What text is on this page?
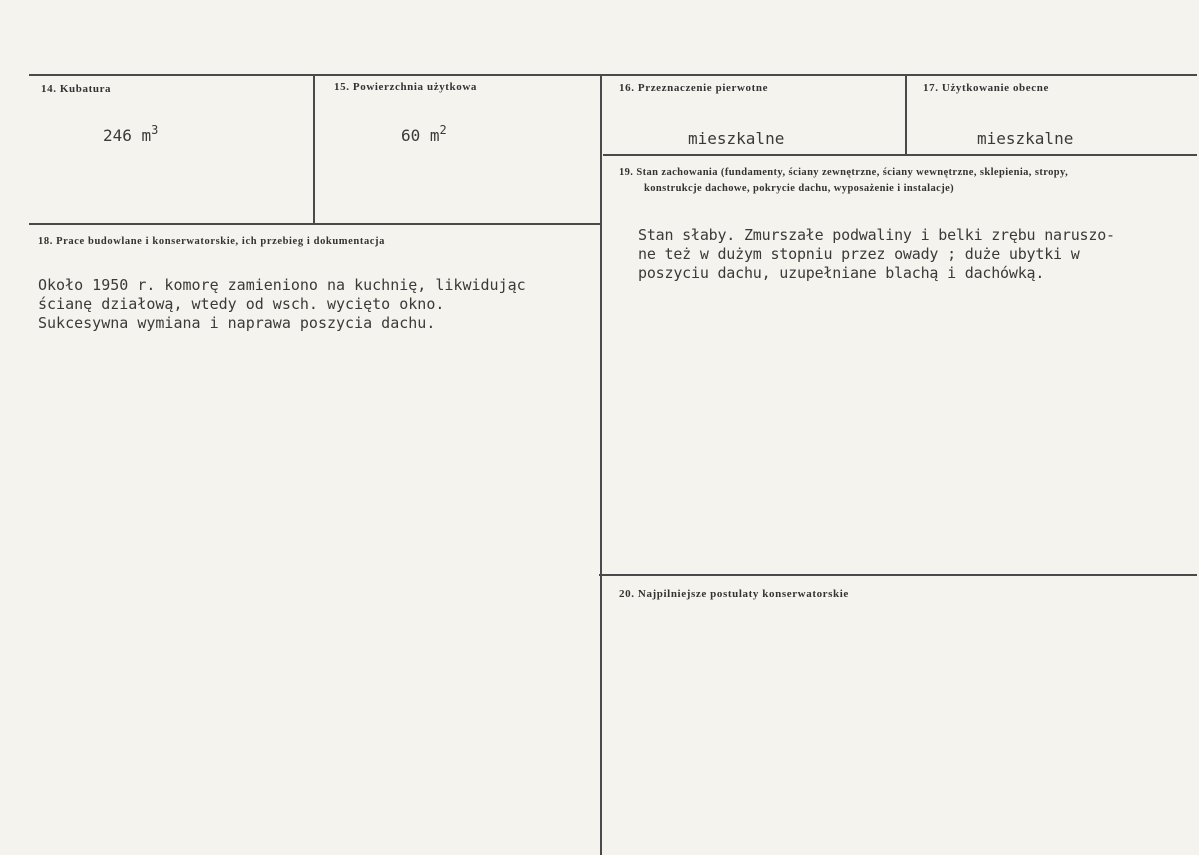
14. Kubatura
246 $m^3$
15. Powierzchnia użytkowa
60 $m^2$
16. Przeznaczenie pierwotne
mieszkalne
17. Użytkowanie obecne
mieszkalne
18. Prace budowlane i konserwatorskie, ich przebieg i dokumentacja
Około 1950 r. komorę zamieniono na kuchnię, likwidując
ścianę działową, wtedy od wsch. wycięto okno.
Sukcesywna wymiana i naprawa poszycia dachu.
19. Stan zachowania (fundamenty, ściany zewnętrzne, ściany wewnętrzne, sklepienia, stropy,
konstrukcje dachowe, pokrycie dachu, wyposażenie i instalacje)
Stan słaby. Zmurszałe podwaliny i belki zrębu naruszo-
ne też w dużym stopniu przez owady ; duże ubytki w
poszyciu dachu, uzupełniane blachą i dachówką.
20. Najpilniejsze postulaty konserwatorskie
